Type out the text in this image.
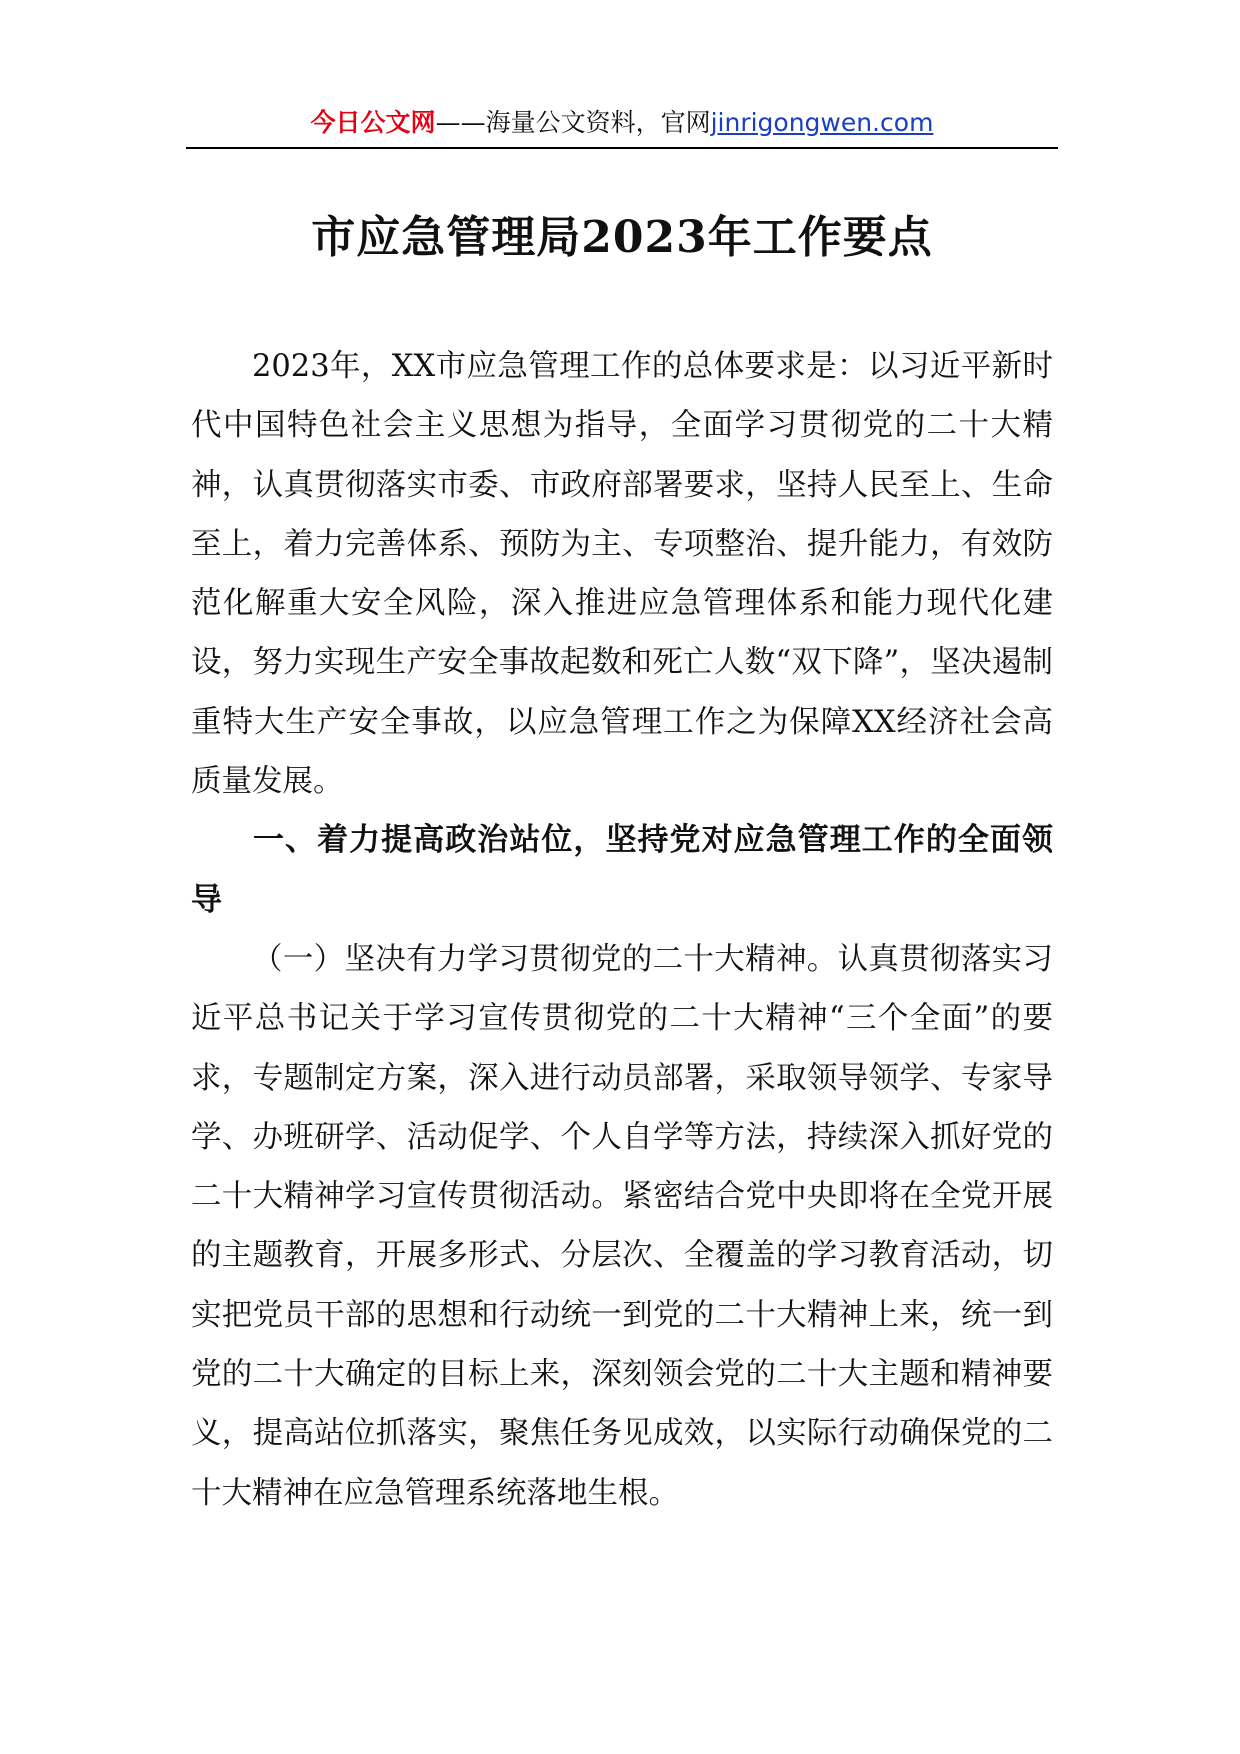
今日公文网——海量公文资料，官网jinrigongwen.com
市应急管理局2023年工作要点

2023年，XX市应急管理工作的总体要求是：以习近平新时代中国特色社会主义思想为指导，全面学习贯彻党的二十大精神，认真贯彻落实市委、市政府部署要求，坚持人民至上、生命至上，着力完善体系、预防为主、专项整治、提升能力，有效防范化解重大安全风险，深入推进应急管理体系和能力现代化建设，努力实现生产安全事故起数和死亡人数“双下降”，坚决遏制重特大生产安全事故，以应急管理工作之为保障XX经济社会高质量发展。

一、着力提高政治站位，坚持党对应急管理工作的全面领导

（一）坚决有力学习贯彻党的二十大精神。认真贯彻落实习近平总书记关于学习宣传贯彻党的二十大精神“三个全面”的要求，专题制定方案，深入进行动员部署，采取领导领学、专家导学、办班研学、活动促学、个人自学等方法，持续深入抓好党的二十大精神学习宣传贯彻活动。紧密结合党中央即将在全党开展的主题教育，开展多形式、分层次、全覆盖的学习教育活动，切实把党员干部的思想和行动统一到党的二十大精神上来，统一到党的二十大确定的目标上来，深刻领会党的二十大主题和精神要义，提高站位抓落实，聚焦任务见成效，以实际行动确保党的二十大精神在应急管理系统落地生根。
